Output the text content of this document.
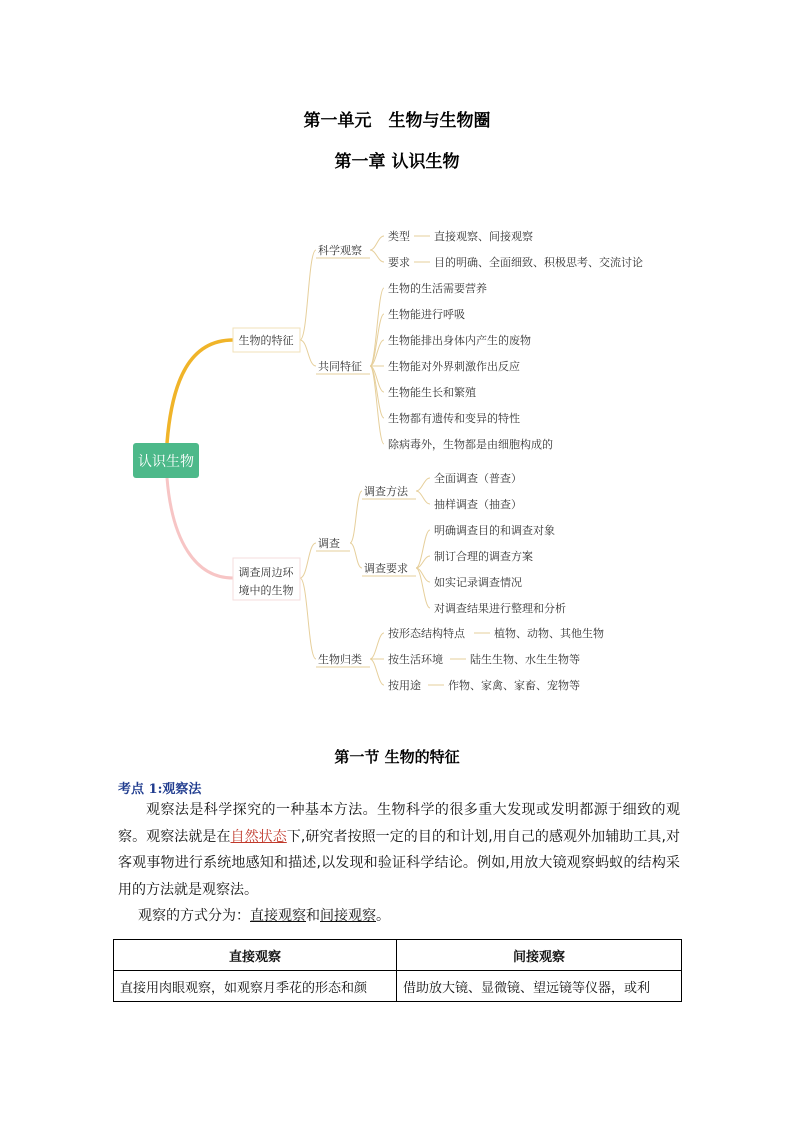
第一单元　生物与生物圈
第一章 认识生物
认识生物
生物的特征
调查周边环
境中的生物
科学观察
类型 直接观察、间接观察
要求 目的明确、全面细致、积极思考、交流讨论
共同特征
生物的生活需要营养
生物能进行呼吸
生物能排出身体内产生的废物
生物能对外界刺激作出反应
生物能生长和繁殖
生物都有遗传和变异的特性
除病毒外，生物都是由细胞构成的
调查
调查方法
全面调查（普查）
抽样调查（抽查）
调查要求
明确调查目的和调查对象
制订合理的调查方案
如实记录调查情况
对调查结果进行整理和分析
生物归类
按形态结构特点	植物、动物、其他生物
按生活环境 陆生生物、水生生物等
按用途 作物、家禽、家畜、宠物等
第一节 生物的特征
考点 1:观察法

观察法是科学探究的一种基本方法。生物科学的很多重大发现或发明都源于细致的观察。观察法就是在自然状态下,研究者按照一定的目的和计划,用自己的感观外加辅助工具,对客观事物进行系统地感知和描述,以发现和验证科学结论。例如,用放大镜观察蚂蚁的结构采用的方法就是观察法。

观察的方式分为：直接观察和间接观察。

直接观察	间接观察
直接用肉眼观察，如观察月季花的形态和颜	借助放大镜、显微镜、望远镜等仪器，或利
